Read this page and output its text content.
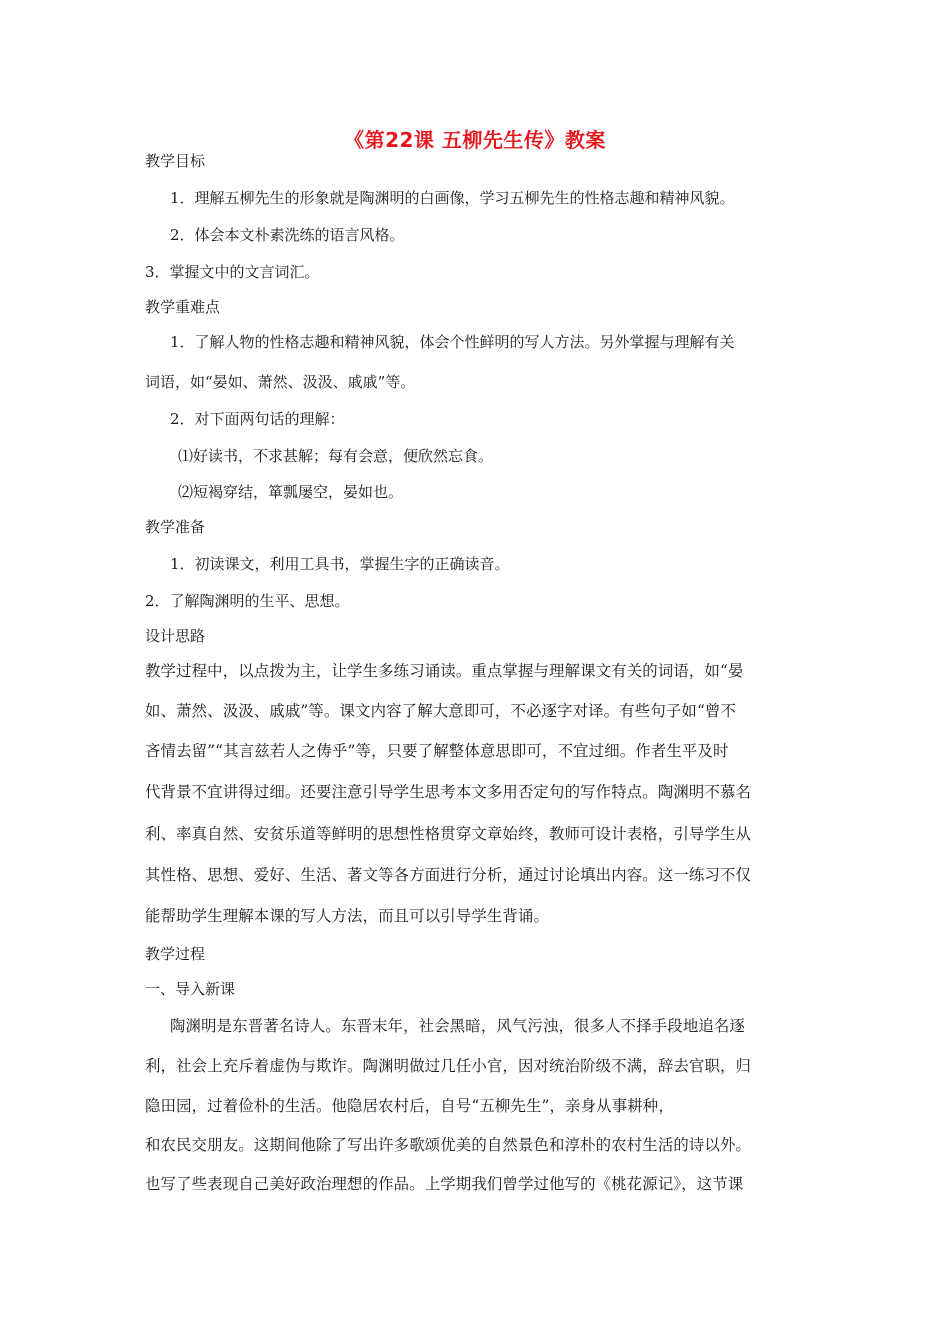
《第22课 五柳先生传》教案
教学目标
1．理解五柳先生的形象就是陶渊明的白画像，学习五柳先生的性格志趣和精神风貌。
2．体会本文朴素洗练的语言风格。
3．掌握文中的文言词汇。
教学重难点
1．了解人物的性格志趣和精神风貌，体会个性鲜明的写人方法。另外掌握与理解有关
词语，如“晏如、萧然、汲汲、戚戚”等。
2．对下面两句话的理解：
⑴好读书，不求甚解；每有会意，便欣然忘食。
⑵短褐穿结，箪瓢屡空，晏如也。
教学准备
1．初读课文，利用工具书，掌握生字的正确读音。
2．了解陶渊明的生平、思想。
设计思路
教学过程中，以点拨为主，让学生多练习诵读。重点掌握与理解课文有关的词语，如“晏
如、萧然、汲汲、戚戚”等。课文内容了解大意即可，不必逐字对译。有些句子如“曾不
吝情去留”“其言兹若人之俦乎”等，只要了解整体意思即可，不宜过细。作者生平及时
代背景不宜讲得过细。还要注意引导学生思考本文多用否定句的写作特点。陶渊明不慕名
利、率真自然、安贫乐道等鲜明的思想性格贯穿文章始终，教师可设计表格，引导学生从
其性格、思想、爱好、生活、著文等各方面进行分析，通过讨论填出内容。这一练习不仅
能帮助学生理解本课的写人方法，而且可以引导学生背诵。
教学过程
一、导入新课
陶渊明是东晋著名诗人。东晋末年，社会黑暗，风气污浊，很多人不择手段地追名逐
利，社会上充斥着虚伪与欺诈。陶渊明做过几任小官，因对统治阶级不满，辞去官职，归
隐田园，过着俭朴的生活。他隐居农村后，自号“五柳先生”，亲身从事耕种，
和农民交朋友。这期间他除了写出许多歌颂优美的自然景色和淳朴的农村生活的诗以外。
也写了些表现自己美好政治理想的作品。上学期我们曾学过他写的《桃花源记》，这节课
